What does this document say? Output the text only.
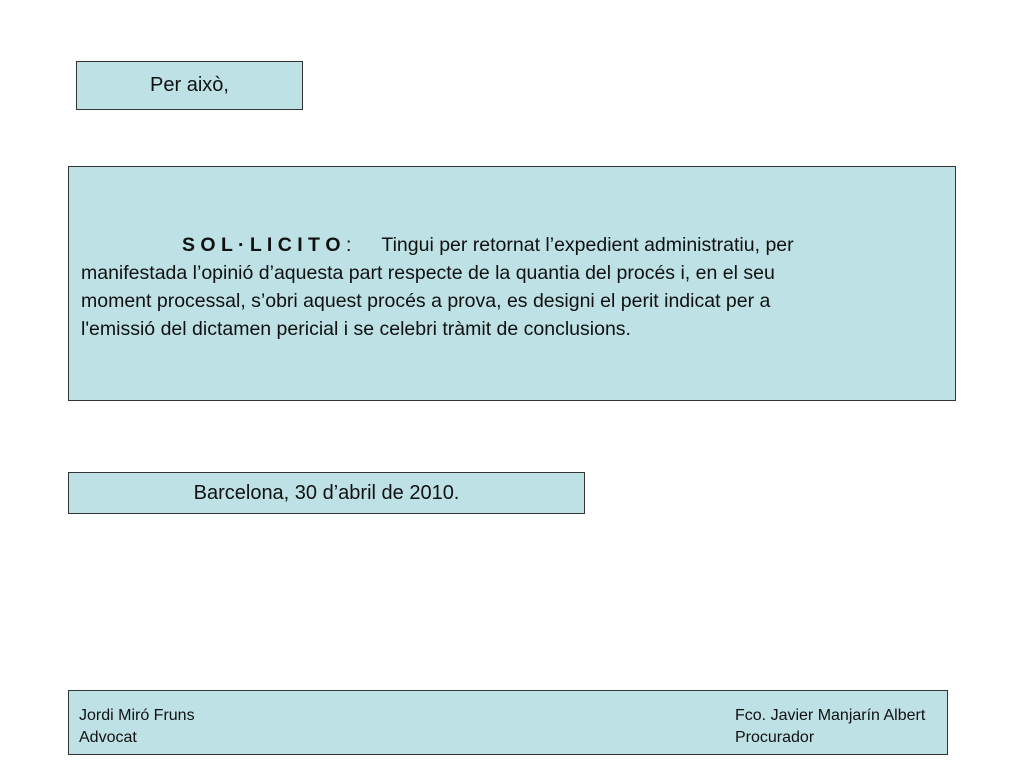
Per això,
S O L · L I C I T O : Tingui per retornat l’expedient administratiu, per
manifestada l’opinió d’aquesta part respecte de la quantia del procés i, en el seu
moment processal, s’obri aquest procés a prova, es designi el perit indicat per a
l'emissió del dictamen pericial i se celebri tràmit de conclusions.
Barcelona, 30 d’abril de 2010.
Jordi Miró Fruns
Advocat
Fco. Javier Manjarín Albert
Procurador
